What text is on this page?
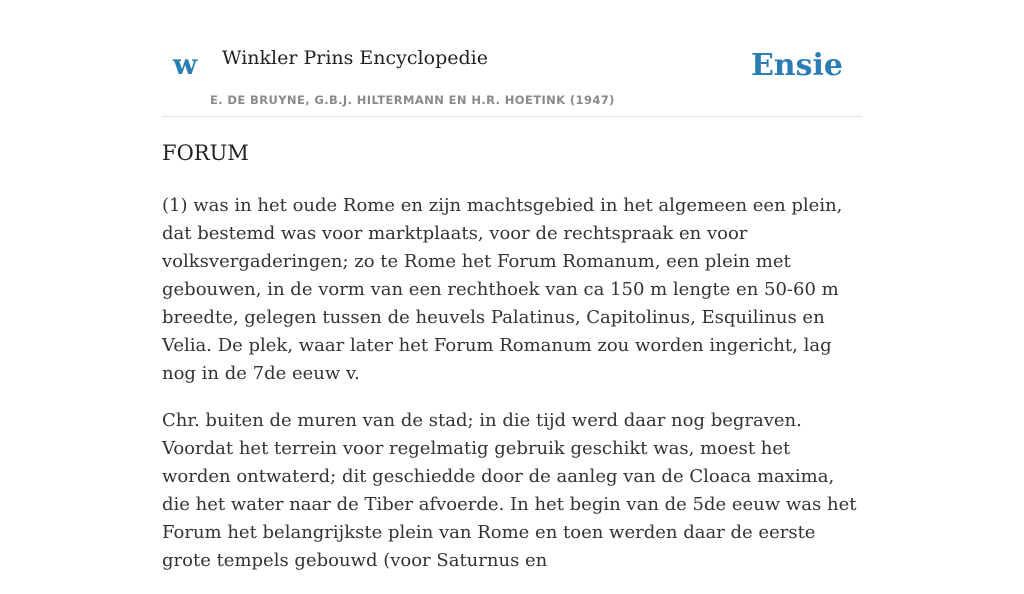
w Winkler Prins Encyclopedie
E. DE BRUYNE, G.B.J. HILTERMANN EN H.R. HOETINK (1947)
Ensie
FORUM

(1) was in het oude Rome en zijn machtsgebied in het algemeen een plein, dat bestemd was voor marktplaats, voor de rechtspraak en voor volksvergaderingen; zo te Rome het Forum Romanum, een plein met gebouwen, in de vorm van een rechthoek van ca 150 m lengte en 50-60 m breedte, gelegen tussen de heuvels Palatinus, Capitolinus, Esquilinus en Velia. De plek, waar later het Forum Romanum zou worden ingericht, lag nog in de 7de eeuw v.

Chr. buiten de muren van de stad; in die tijd werd daar nog begraven. Voordat het terrein voor regelmatig gebruik geschikt was, moest het worden ontwaterd; dit geschiedde door de aanleg van de Cloaca maxima, die het water naar de Tiber afvoerde. In het begin van de 5de eeuw was het Forum het belangrijkste plein van Rome en toen werden daar de eerste grote tempels gebouwd (voor Saturnus en
